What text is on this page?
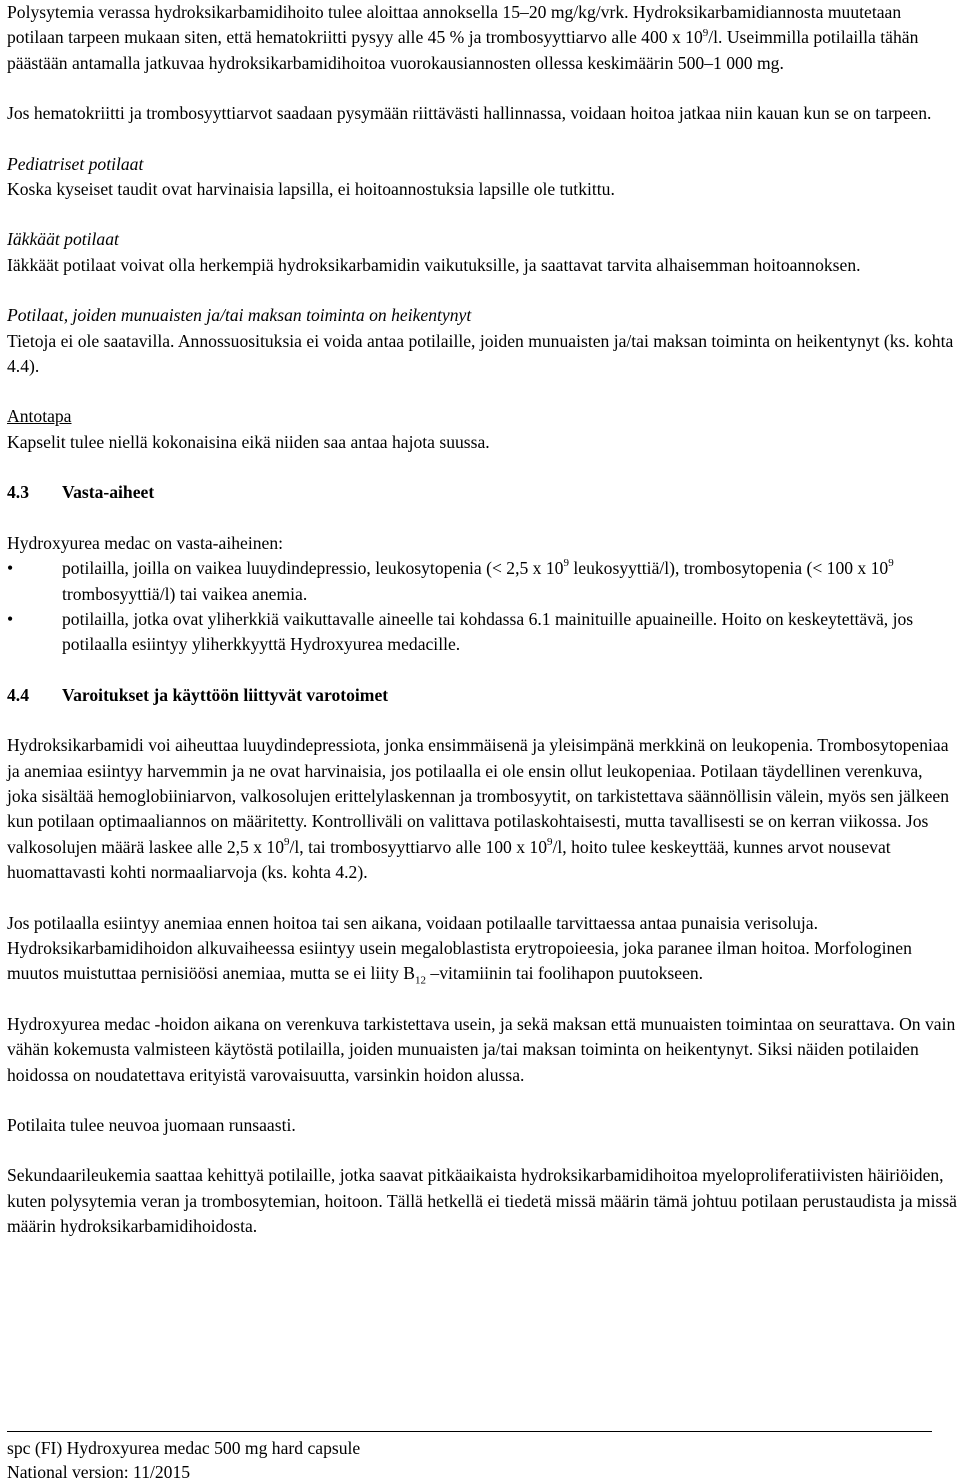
Polysytemia verassa hydroksikarbamidihoito tulee aloittaa annoksella 15–20 mg/kg/vrk. Hydroksikarbamidiannosta muutetaan potilaan tarpeen mukaan siten, että hematokriitti pysyy alle 45 % ja trombosyyttiarvo alle 400 x $10^9/l$. Useimmilla potilailla tähän päästään antamalla jatkuvaa hydroksikarbamidihoitoa vuorokausiannosten ollessa keskimäärin 500–1 000 mg.

Jos hematokriitti ja trombosyyttiarvot saadaan pysymään riittävästi hallinnassa, voidaan hoitoa jatkaa niin kauan kun se on tarpeen.

Pediatriset potilaat

Koska kyseiset taudit ovat harvinaisia lapsilla, ei hoitoannostuksia lapsille ole tutkittu.

Iäkkäät potilaat

Iäkkäät potilaat voivat olla herkempiä hydroksikarbamidin vaikutuksille, ja saattavat tarvita alhaisemman hoitoannoksen.

Potilaat, joiden munuaisten ja/tai maksan toiminta on heikentynyt

Tietoja ei ole saatavilla. Annossuosituksia ei voida antaa potilaille, joiden munuaisten ja/tai maksan toiminta on heikentynyt (ks. kohta 4.4).

Antotapa

Kapselit tulee niellä kokonaisina eikä niiden saa antaa hajota suussa.

4.3 Vasta-aiheet

Hydroxyurea medac on vasta-aiheinen:

•	potilailla, joilla on vaikea luuydindepressio, leukosytopenia (< 2,5 x $10^9$ leukosyyttiä/l), trombosytopenia (< 100 x $10^9$ trombosyyttiä/l) tai vaikea anemia.

•	potilailla, jotka ovat yliherkkiä vaikuttavalle aineelle tai kohdassa 6.1 mainituille apuaineille. Hoito on keskeytettävä, jos potilaalla esiintyy yliherkkyyttä Hydroxyurea medacille.

4.4 Varoitukset ja käyttöön liittyvät varotoimet

Hydroksikarbamidi voi aiheuttaa luuydindepressiota, jonka ensimmäisenä ja yleisimpänä merkkinä on leukopenia. Trombosytopeniaa ja anemiaa esiintyy harvemmin ja ne ovat harvinaisia, jos potilaalla ei ole ensin ollut leukopeniaa. Potilaan täydellinen verenkuva, joka sisältää hemoglobiiniarvon, valkosolujen erittelylaskennan ja trombosyytit, on tarkistettava säännöllisin välein, myös sen jälkeen kun potilaan optimaaliannos on määritetty. Kontrolliväli on valittava potilaskohtaisesti, mutta tavallisesti se on kerran viikossa. Jos valkosolujen määrä laskee alle 2,5 x $10^9/l$, tai trombosyyttiarvo alle 100 x $10^9/l$, hoito tulee keskeyttää, kunnes arvot nousevat huomattavasti kohti normaaliarvoja (ks. kohta 4.2).

Jos potilaalla esiintyy anemiaa ennen hoitoa tai sen aikana, voidaan potilaalle tarvittaessa antaa punaisia verisoluja. Hydroksikarbamidihoidon alkuvaiheessa esiintyy usein megaloblastista erytropoieesia, joka paranee ilman hoitoa. Morfologinen muutos muistuttaa pernisiöösi anemiaa, mutta se ei liity $B_{12}$ –vitamiinin tai foolihapon puutokseen.

Hydroxyurea medac -hoidon aikana on verenkuva tarkistettava usein, ja sekä maksan että munuaisten toimintaa on seurattava. On vain vähän kokemusta valmisteen käytöstä potilailla, joiden munuaisten ja/tai maksan toiminta on heikentynyt. Siksi näiden potilaiden hoidossa on noudatettava erityistä varovaisuutta, varsinkin hoidon alussa.

Potilaita tulee neuvoa juomaan runsaasti.

Sekundaarileukemia saattaa kehittyä potilaille, jotka saavat pitkäaikaista hydroksikarbamidihoitoa myeloproliferatiivisten häiriöiden, kuten polysytemia veran ja trombosytemian, hoitoon. Tällä hetkellä ei tiedetä missä määrin tämä johtuu potilaan perustaudista ja missä määrin hydroksikarbamidihoidosta.

spc (FI) Hydroxyurea medac 500 mg hard capsule
National version: 11/2015
